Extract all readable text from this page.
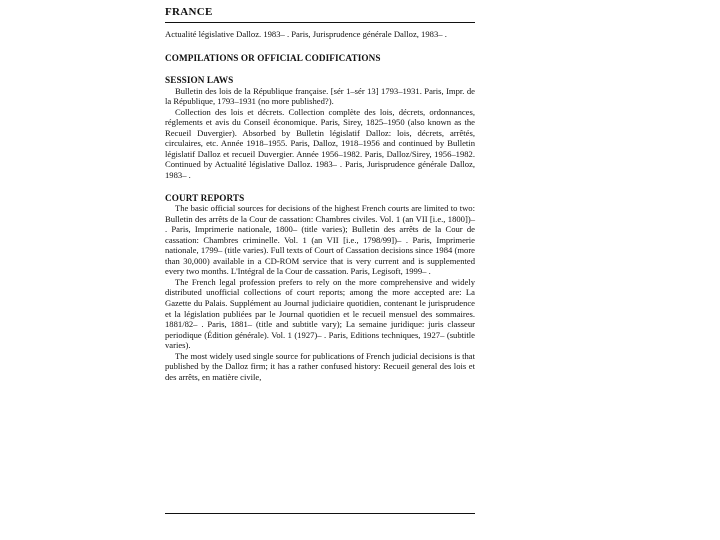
FRANCE

Actualité législative Dalloz. 1983– . Paris, Jurisprudence générale Dalloz, 1983– .

COMPILATIONS OR OFFICIAL CODIFICATIONS

SESSION LAWS

Bulletin des lois de la République française. [sér 1–sér 13] 1793–1931. Paris, Impr. de la République, 1793–1931 (no more published?).

Collection des lois et décrets. Collection complète des lois, décrets, ordonnances, réglements et avis du Conseil économique. Paris, Sirey, 1825–1950 (also known as the Recueil Duvergier). Absorbed by Bulletin législatif Dalloz: lois, décrets, arrêtés, circulaires, etc. Année 1918–1955. Paris, Dalloz, 1918–1956 and continued by Bulletin législatif Dalloz et recueil Duvergier. Année 1956–1982. Paris, Dalloz/Sirey, 1956–1982. Continued by Actualité législative Dalloz. 1983– . Paris, Jurisprudence générale Dalloz, 1983– .

COURT REPORTS

The basic official sources for decisions of the highest French courts are limited to two: Bulletin des arrêts de la Cour de cassation: Chambres civiles. Vol. 1 (an VII [i.e., 1800])– . Paris, Imprimerie nationale, 1800– (title varies); Bulletin des arrêts de la Cour de cassation: Chambres criminelle. Vol. 1 (an VII [i.e., 1798/99])– . Paris, Imprimerie nationale, 1799– (title varies). Full texts of Court of Cassation decisions since 1984 (more than 30,000) available in a CD-ROM service that is very current and is supplemented every two months. L'Intégral de la Cour de cassation. Paris, Legisoft, 1999– .

The French legal profession prefers to rely on the more comprehensive and widely distributed unofficial collections of court reports; among the more accepted are: La Gazette du Palais. Supplément au Journal judiciaire quotidien, contenant le jurisprudence et la législation publiées par le Journal quotidien et le recueil mensuel des sommaires. 1881/82– . Paris, 1881– (title and subtitle vary); La semaine juridique: juris classeur periodique (Édition générale). Vol. 1 (1927)– . Paris, Editions techniques, 1927– (subtitle varies).

The most widely used single source for publications of French judicial decisions is that published by the Dalloz firm; it has a rather confused history: Recueil general des lois et des arrêts, en matière civile,
